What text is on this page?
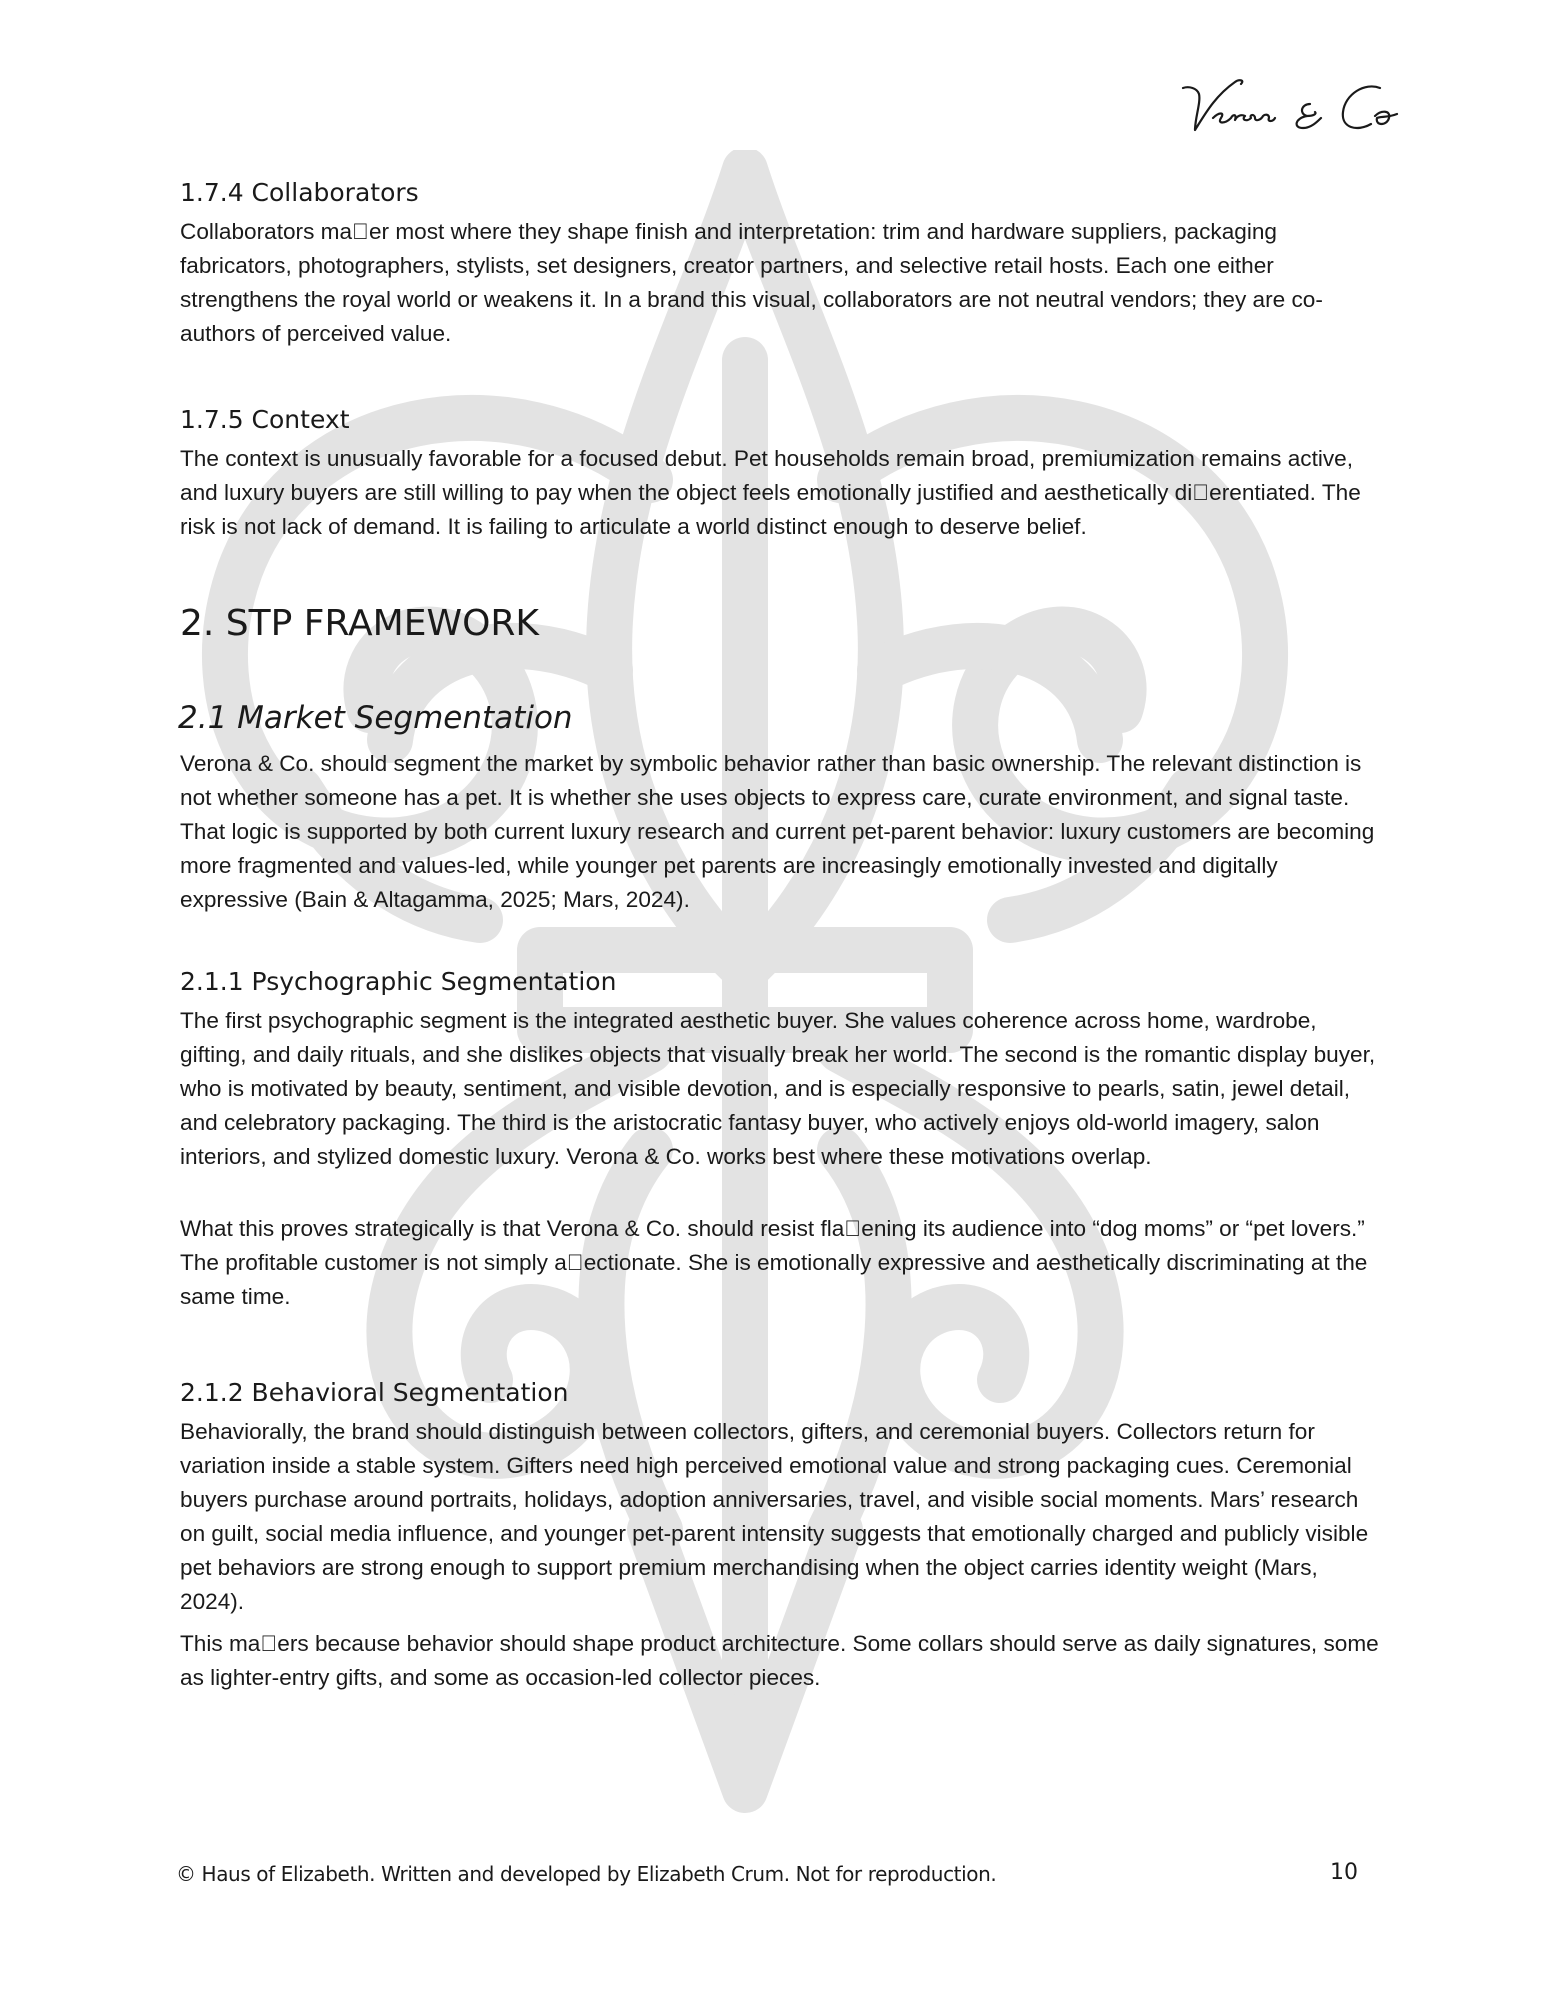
1.7.4 Collaborators

Collaborators ma er most where they shape finish and interpretation: trim and hardware suppliers, packaging fabricators, photographers, stylists, set designers, creator partners, and selective retail hosts. Each one either strengthens the royal world or weakens it. In a brand this visual, collaborators are not neutral vendors; they are co-authors of perceived value.

1.7.5 Context

The context is unusually favorable for a focused debut. Pet households remain broad, premiumization remains active, and luxury buyers are still willing to pay when the object feels emotionally justified and aesthetically di erentiated. The risk is not lack of demand. It is failing to articulate a world distinct enough to deserve belief.

2. STP FRAMEWORK
2.1 Market Segmentation

Verona & Co. should segment the market by symbolic behavior rather than basic ownership. The relevant distinction is not whether someone has a pet. It is whether she uses objects to express care, curate environment, and signal taste. That logic is supported by both current luxury research and current pet-parent behavior: luxury customers are becoming more fragmented and values-led, while younger pet parents are increasingly emotionally invested and digitally expressive (Bain & Altagamma, 2025; Mars, 2024).

2.1.1 Psychographic Segmentation

The first psychographic segment is the integrated aesthetic buyer. She values coherence across home, wardrobe, gifting, and daily rituals, and she dislikes objects that visually break her world. The second is the romantic display buyer, who is motivated by beauty, sentiment, and visible devotion, and is especially responsive to pearls, satin, jewel detail, and celebratory packaging. The third is the aristocratic fantasy buyer, who actively enjoys old-world imagery, salon interiors, and stylized domestic luxury. Verona & Co. works best where these motivations overlap.

What this proves strategically is that Verona & Co. should resist fla ening its audience into “dog moms” or “pet lovers.” The profitable customer is not simply a ectionate. She is emotionally expressive and aesthetically discriminating at the same time.

2.1.2 Behavioral Segmentation

Behaviorally, the brand should distinguish between collectors, gifters, and ceremonial buyers. Collectors return for variation inside a stable system. Gifters need high perceived emotional value and strong packaging cues. Ceremonial buyers purchase around portraits, holidays, adoption anniversaries, travel, and visible social moments. Mars’ research on guilt, social media influence, and younger pet-parent intensity suggests that emotionally charged and publicly visible pet behaviors are strong enough to support premium merchandising when the object carries identity weight (Mars, 2024).

This ma ers because behavior should shape product architecture. Some collars should serve as daily signatures, some as lighter-entry gifts, and some as occasion-led collector pieces.

© Haus of Elizabeth. Written and developed by Elizabeth Crum. Not for reproduction.	10
